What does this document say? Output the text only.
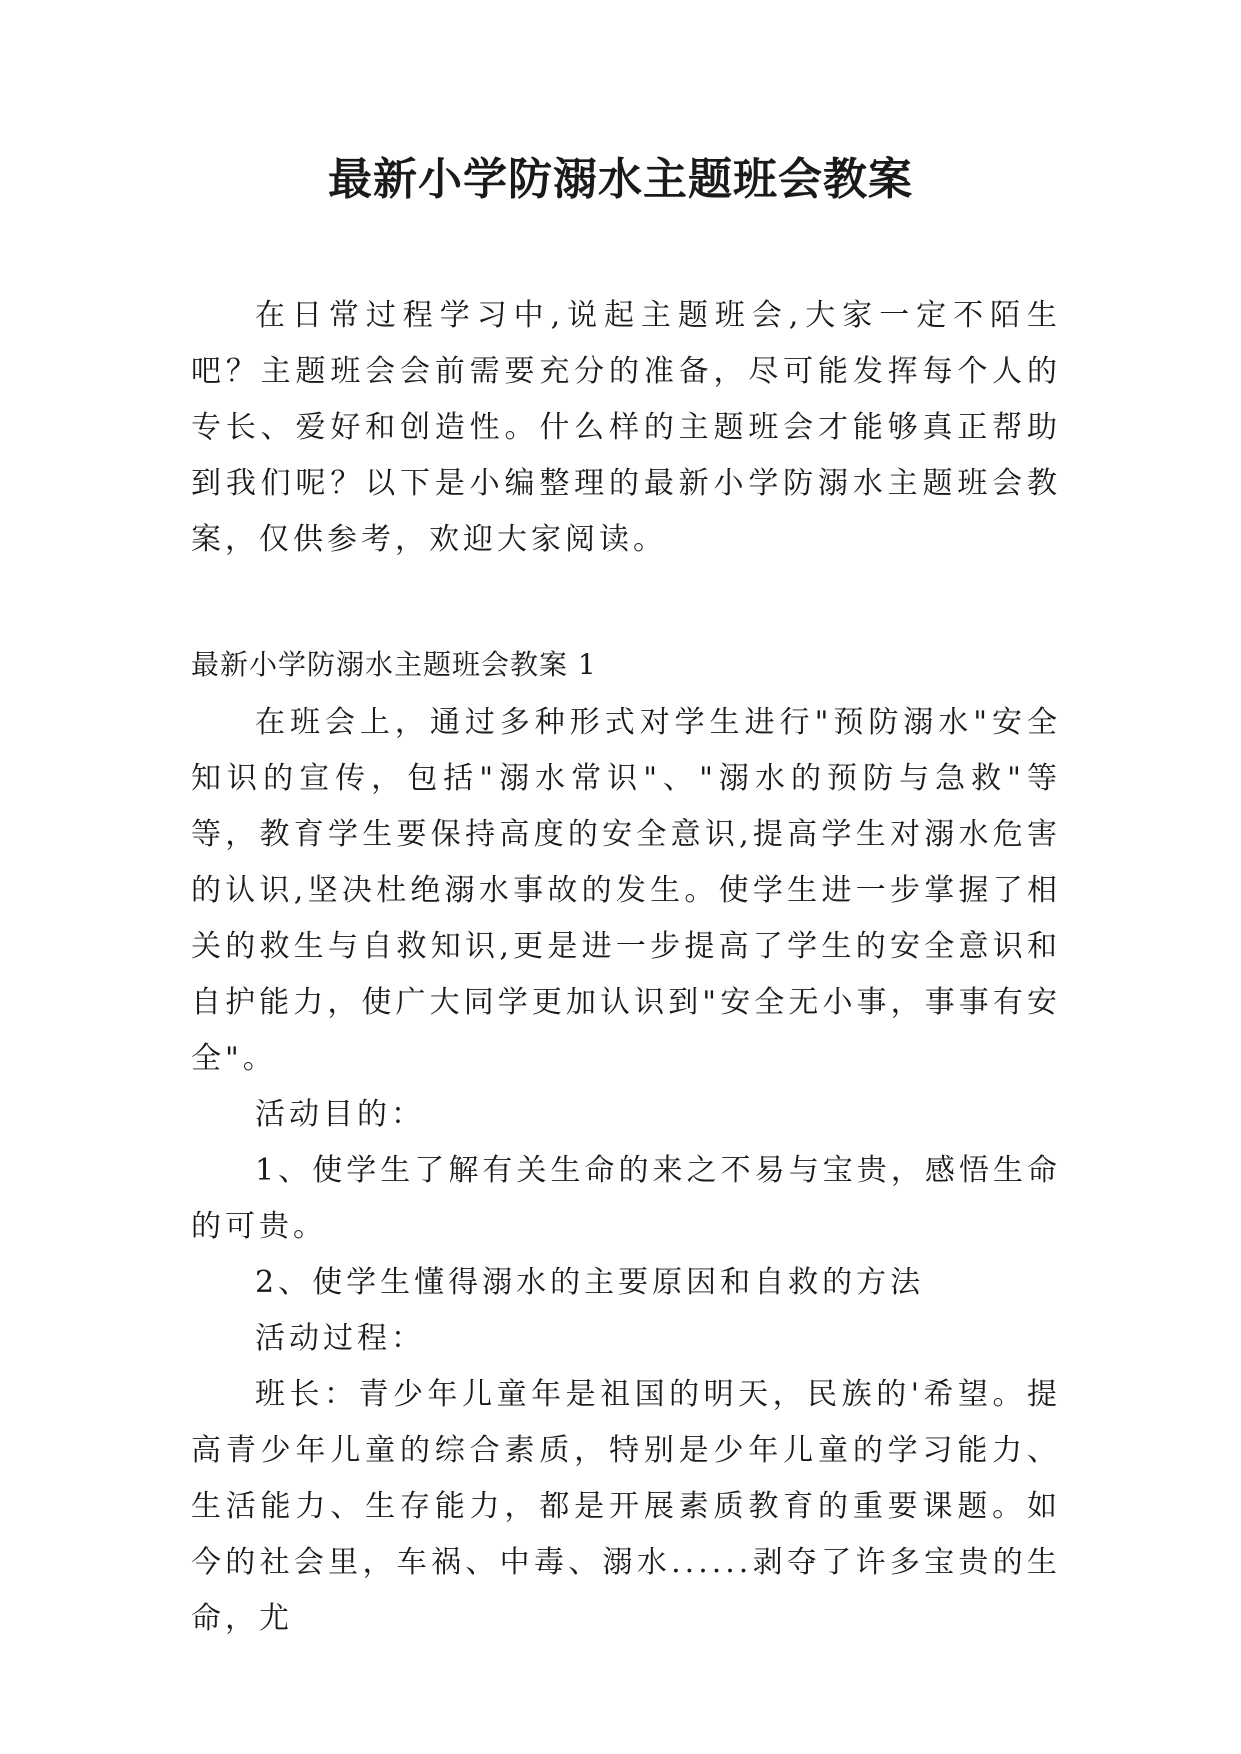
最新小学防溺水主题班会教案

在日常过程学习中,说起主题班会,大家一定不陌生吧？主题班会会前需要充分的准备，尽可能发挥每个人的专长、爱好和创造性。什么样的主题班会才能够真正帮助到我们呢？以下是小编整理的最新小学防溺水主题班会教案，仅供参考，欢迎大家阅读。

最新小学防溺水主题班会教案 1

在班会上，通过多种形式对学生进行"预防溺水"安全知识的宣传，包括"溺水常识"、"溺水的预防与急救"等等，教育学生要保持高度的安全意识,提高学生对溺水危害的认识,坚决杜绝溺水事故的发生。使学生进一步掌握了相关的救生与自救知识,更是进一步提高了学生的安全意识和自护能力，使广大同学更加认识到"安全无小事，事事有安全"。

活动目的：

1、使学生了解有关生命的来之不易与宝贵，感悟生命的可贵。

2、使学生懂得溺水的主要原因和自救的方法

活动过程：

班长：青少年儿童年是祖国的明天，民族的'希望。提高青少年儿童的综合素质，特别是少年儿童的学习能力、生活能力、生存能力，都是开展素质教育的重要课题。如今的社会里，车祸、中毒、溺水......剥夺了许多宝贵的生命，尤
